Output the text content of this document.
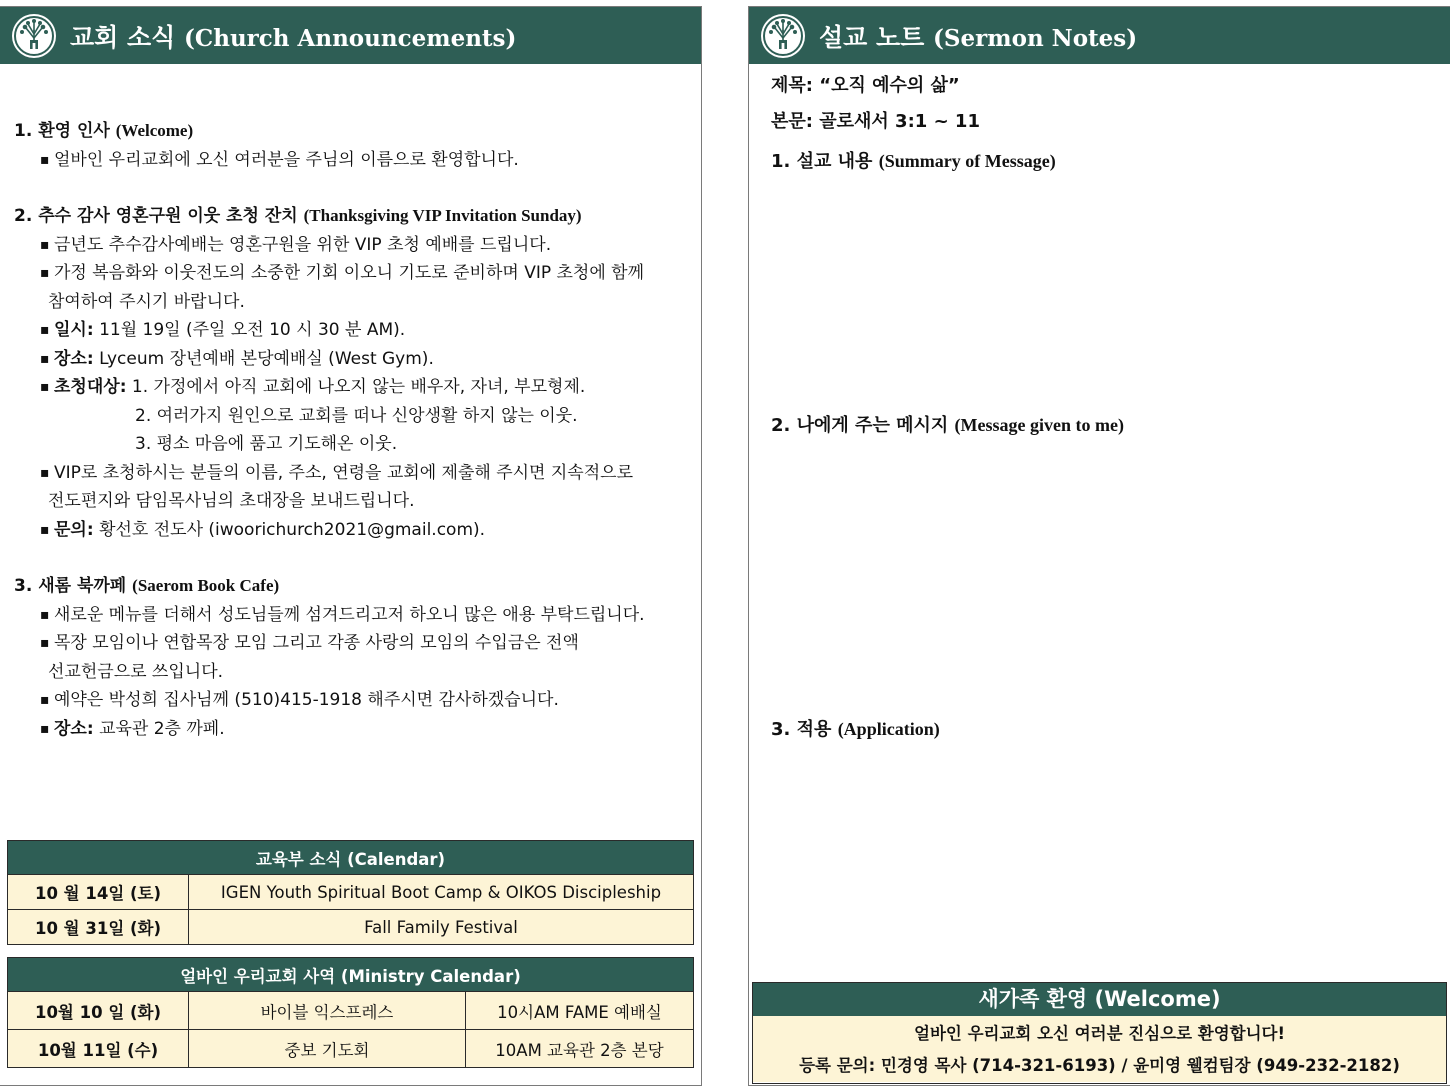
교회 소식 (Church Announcements)
1. 환영 인사 (Welcome)
▪ 얼바인 우리교회에 오신 여러분을 주님의 이름으로 환영합니다.
2. 추수 감사 영혼구원 이웃 초청 잔치 (Thanksgiving VIP Invitation Sunday)
▪ 금년도 추수감사예배는 영혼구원을 위한 VIP 초청 예배를 드립니다.
▪ 가정 복음화와 이웃전도의 소중한 기회 이오니 기도로 준비하며 VIP 초청에 함께
참여하여 주시기 바랍니다.
▪ 일시: 11월 19일 (주일 오전 10 시 30 분 AM).
▪ 장소: Lyceum 장년예배 본당예배실 (West Gym).
▪ 초청대상: 1. 가정에서 아직 교회에 나오지 않는 배우자, 자녀, 부모형제.
2. 여러가지 원인으로 교회를 떠나 신앙생활 하지 않는 이웃.
3. 평소 마음에 품고 기도해온 이웃.
▪ VIP로 초청하시는 분들의 이름, 주소, 연령을 교회에 제출해 주시면 지속적으로
전도편지와 담임목사님의 초대장을 보내드립니다.
▪ 문의: 황선호 전도사 (iwoorichurch2021@gmail.com).
3. 새롬 북까페 (Saerom Book Cafe)
▪ 새로운 메뉴를 더해서 성도님들께 섬겨드리고저 하오니 많은 애용 부탁드립니다.
▪ 목장 모임이나 연합목장 모임 그리고 각종 사랑의 모임의 수입금은 전액
선교헌금으로 쓰입니다.
▪ 예약은 박성희 집사님께 (510)415-1918 해주시면 감사하겠습니다.
▪ 장소: 교육관 2층 까페.
교육부 소식 (Calendar)	
10 월 14일 (토)	IGEN Youth Spiritual Boot Camp & OIKOS Discipleship
10 월 31일 (화)	Fall Family Festival
얼바인 우리교회 사역 (Ministry Calendar)		
10월 10 일 (화)	바이블 익스프레스	10시AM FAME 예배실
10월 11일 (수)	중보 기도회	10AM 교육관 2층 본당
설교 노트 (Sermon Notes)
제목: “오직 예수의 삶”
본문: 골로새서 3:1 ~ 11
1. 설교 내용 (Summary of Message)
2. 나에게 주는 메시지 (Message given to me)
3. 적용 (Application)
새가족 환영 (Welcome)
얼바인 우리교회 오신 여러분 진심으로 환영합니다!
등록 문의: 민경영 목사 (714-321-6193) / 윤미영 웰컴팀장 (949-232-2182)
